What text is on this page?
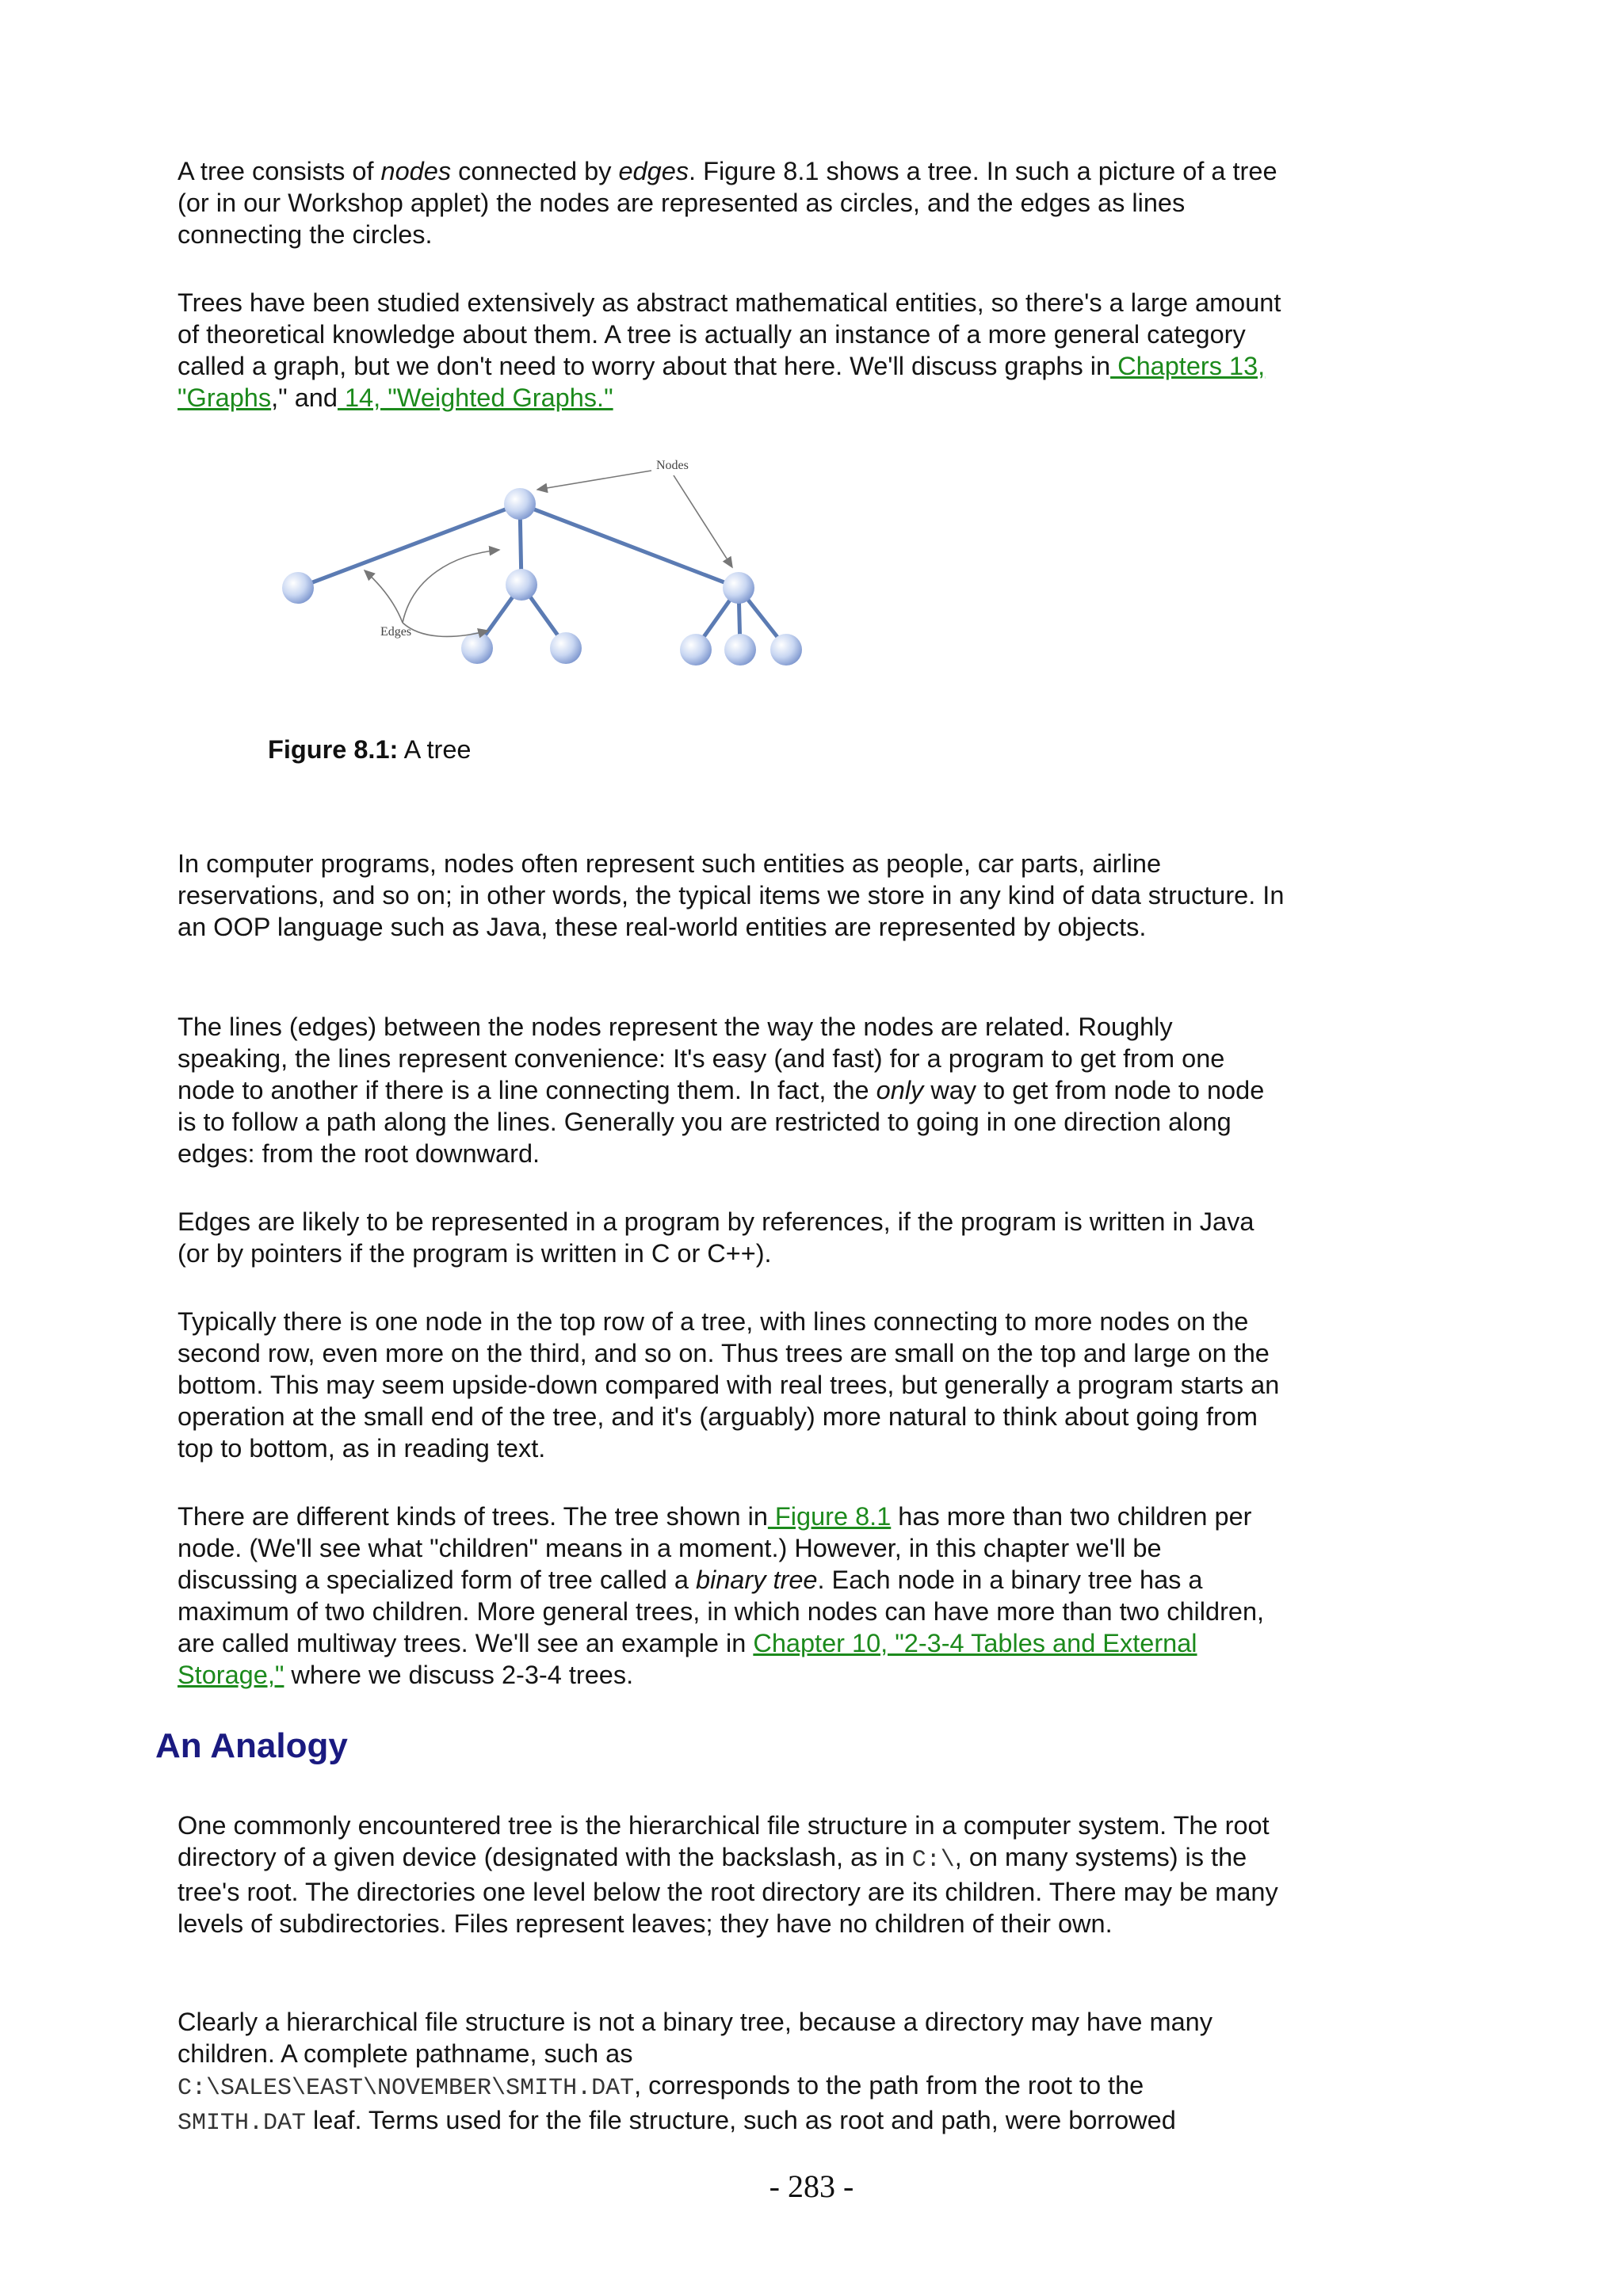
A tree consists of nodes connected by edges. Figure 8.1 shows a tree. In such a picture of a tree (or in our Workshop applet) the nodes are represented as circles, and the edges as lines connecting the circles.

Trees have been studied extensively as abstract mathematical entities, so there's a large amount of theoretical knowledge about them. A tree is actually an instance of a more general category called a graph, but we don't need to worry about that here. We'll discuss graphs in Chapters 13, "Graphs," and 14, "Weighted Graphs."

Nodes
Edges
Figure 8.1: A tree

In computer programs, nodes often represent such entities as people, car parts, airline reservations, and so on; in other words, the typical items we store in any kind of data structure. In an OOP language such as Java, these real-world entities are represented by objects.

The lines (edges) between the nodes represent the way the nodes are related. Roughly speaking, the lines represent convenience: It's easy (and fast) for a program to get from one node to another if there is a line connecting them. In fact, the only way to get from node to node is to follow a path along the lines. Generally you are restricted to going in one direction along edges: from the root downward.

Edges are likely to be represented in a program by references, if the program is written in Java (or by pointers if the program is written in C or C++).

Typically there is one node in the top row of a tree, with lines connecting to more nodes on the second row, even more on the third, and so on. Thus trees are small on the top and large on the bottom. This may seem upside-down compared with real trees, but generally a program starts an operation at the small end of the tree, and it's (arguably) more natural to think about going from top to bottom, as in reading text.

There are different kinds of trees. The tree shown in Figure 8.1 has more than two children per node. (We'll see what "children" means in a moment.) However, in this chapter we'll be discussing a specialized form of tree called a binary tree. Each node in a binary tree has a maximum of two children. More general trees, in which nodes can have more than two children, are called multiway trees. We'll see an example in Chapter 10, "2-3-4 Tables and External Storage," where we discuss 2-3-4 trees.

An Analogy

One commonly encountered tree is the hierarchical file structure in a computer system. The root directory of a given device (designated with the backslash, as in C:\, on many systems) is the tree's root. The directories one level below the root directory are its children. There may be many levels of subdirectories. Files represent leaves; they have no children of their own.

Clearly a hierarchical file structure is not a binary tree, because a directory may have many children. A complete pathname, such as
C:\SALES\EAST\NOVEMBER\SMITH.DAT, corresponds to the path from the root to the
SMITH.DAT leaf. Terms used for the file structure, such as root and path, were borrowed

- 283 -
